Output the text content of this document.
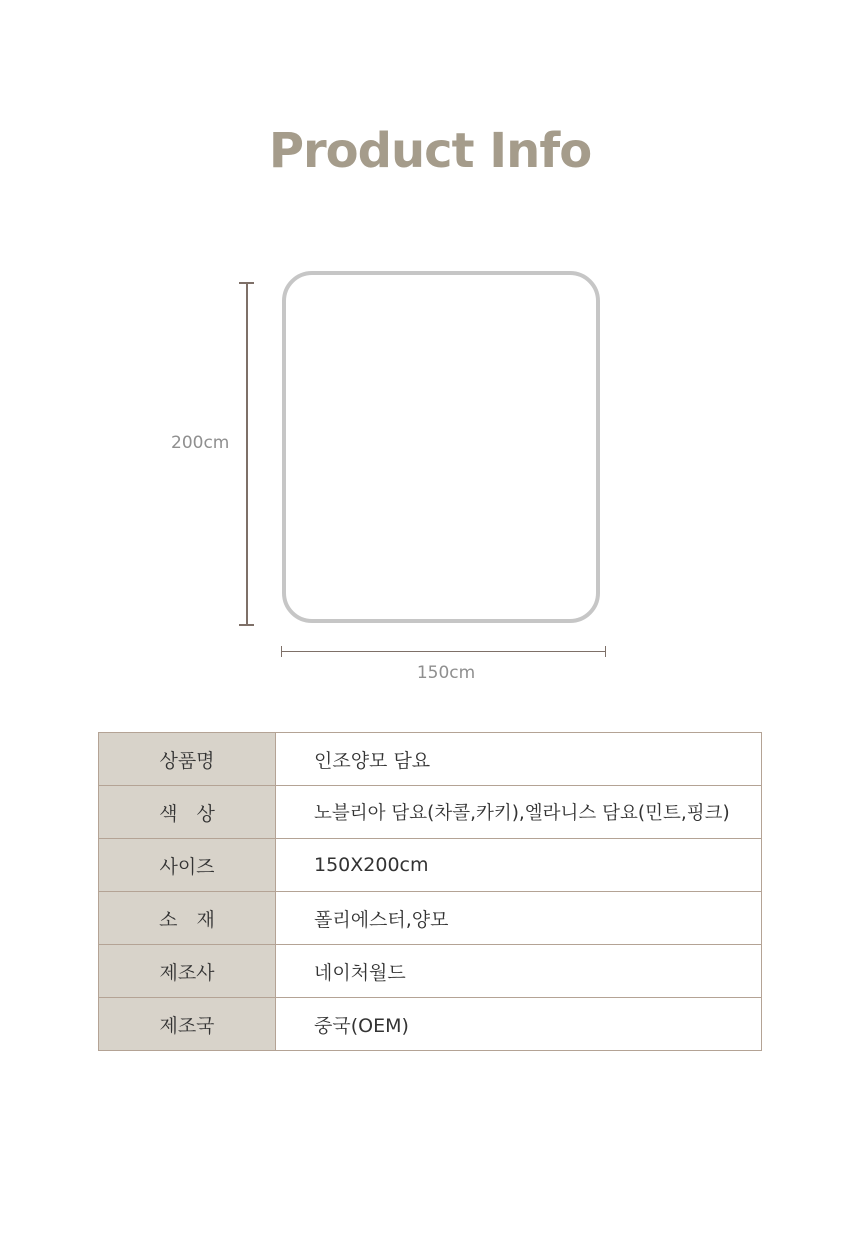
Product Info
200cm
150cm
상품명	인조양모 담요
색　상	노블리아 담요(차콜,카키),엘라니스 담요(민트,핑크)
사이즈	150X200cm
소　재	폴리에스터,양모
제조사	네이처월드
제조국	중국(OEM)
